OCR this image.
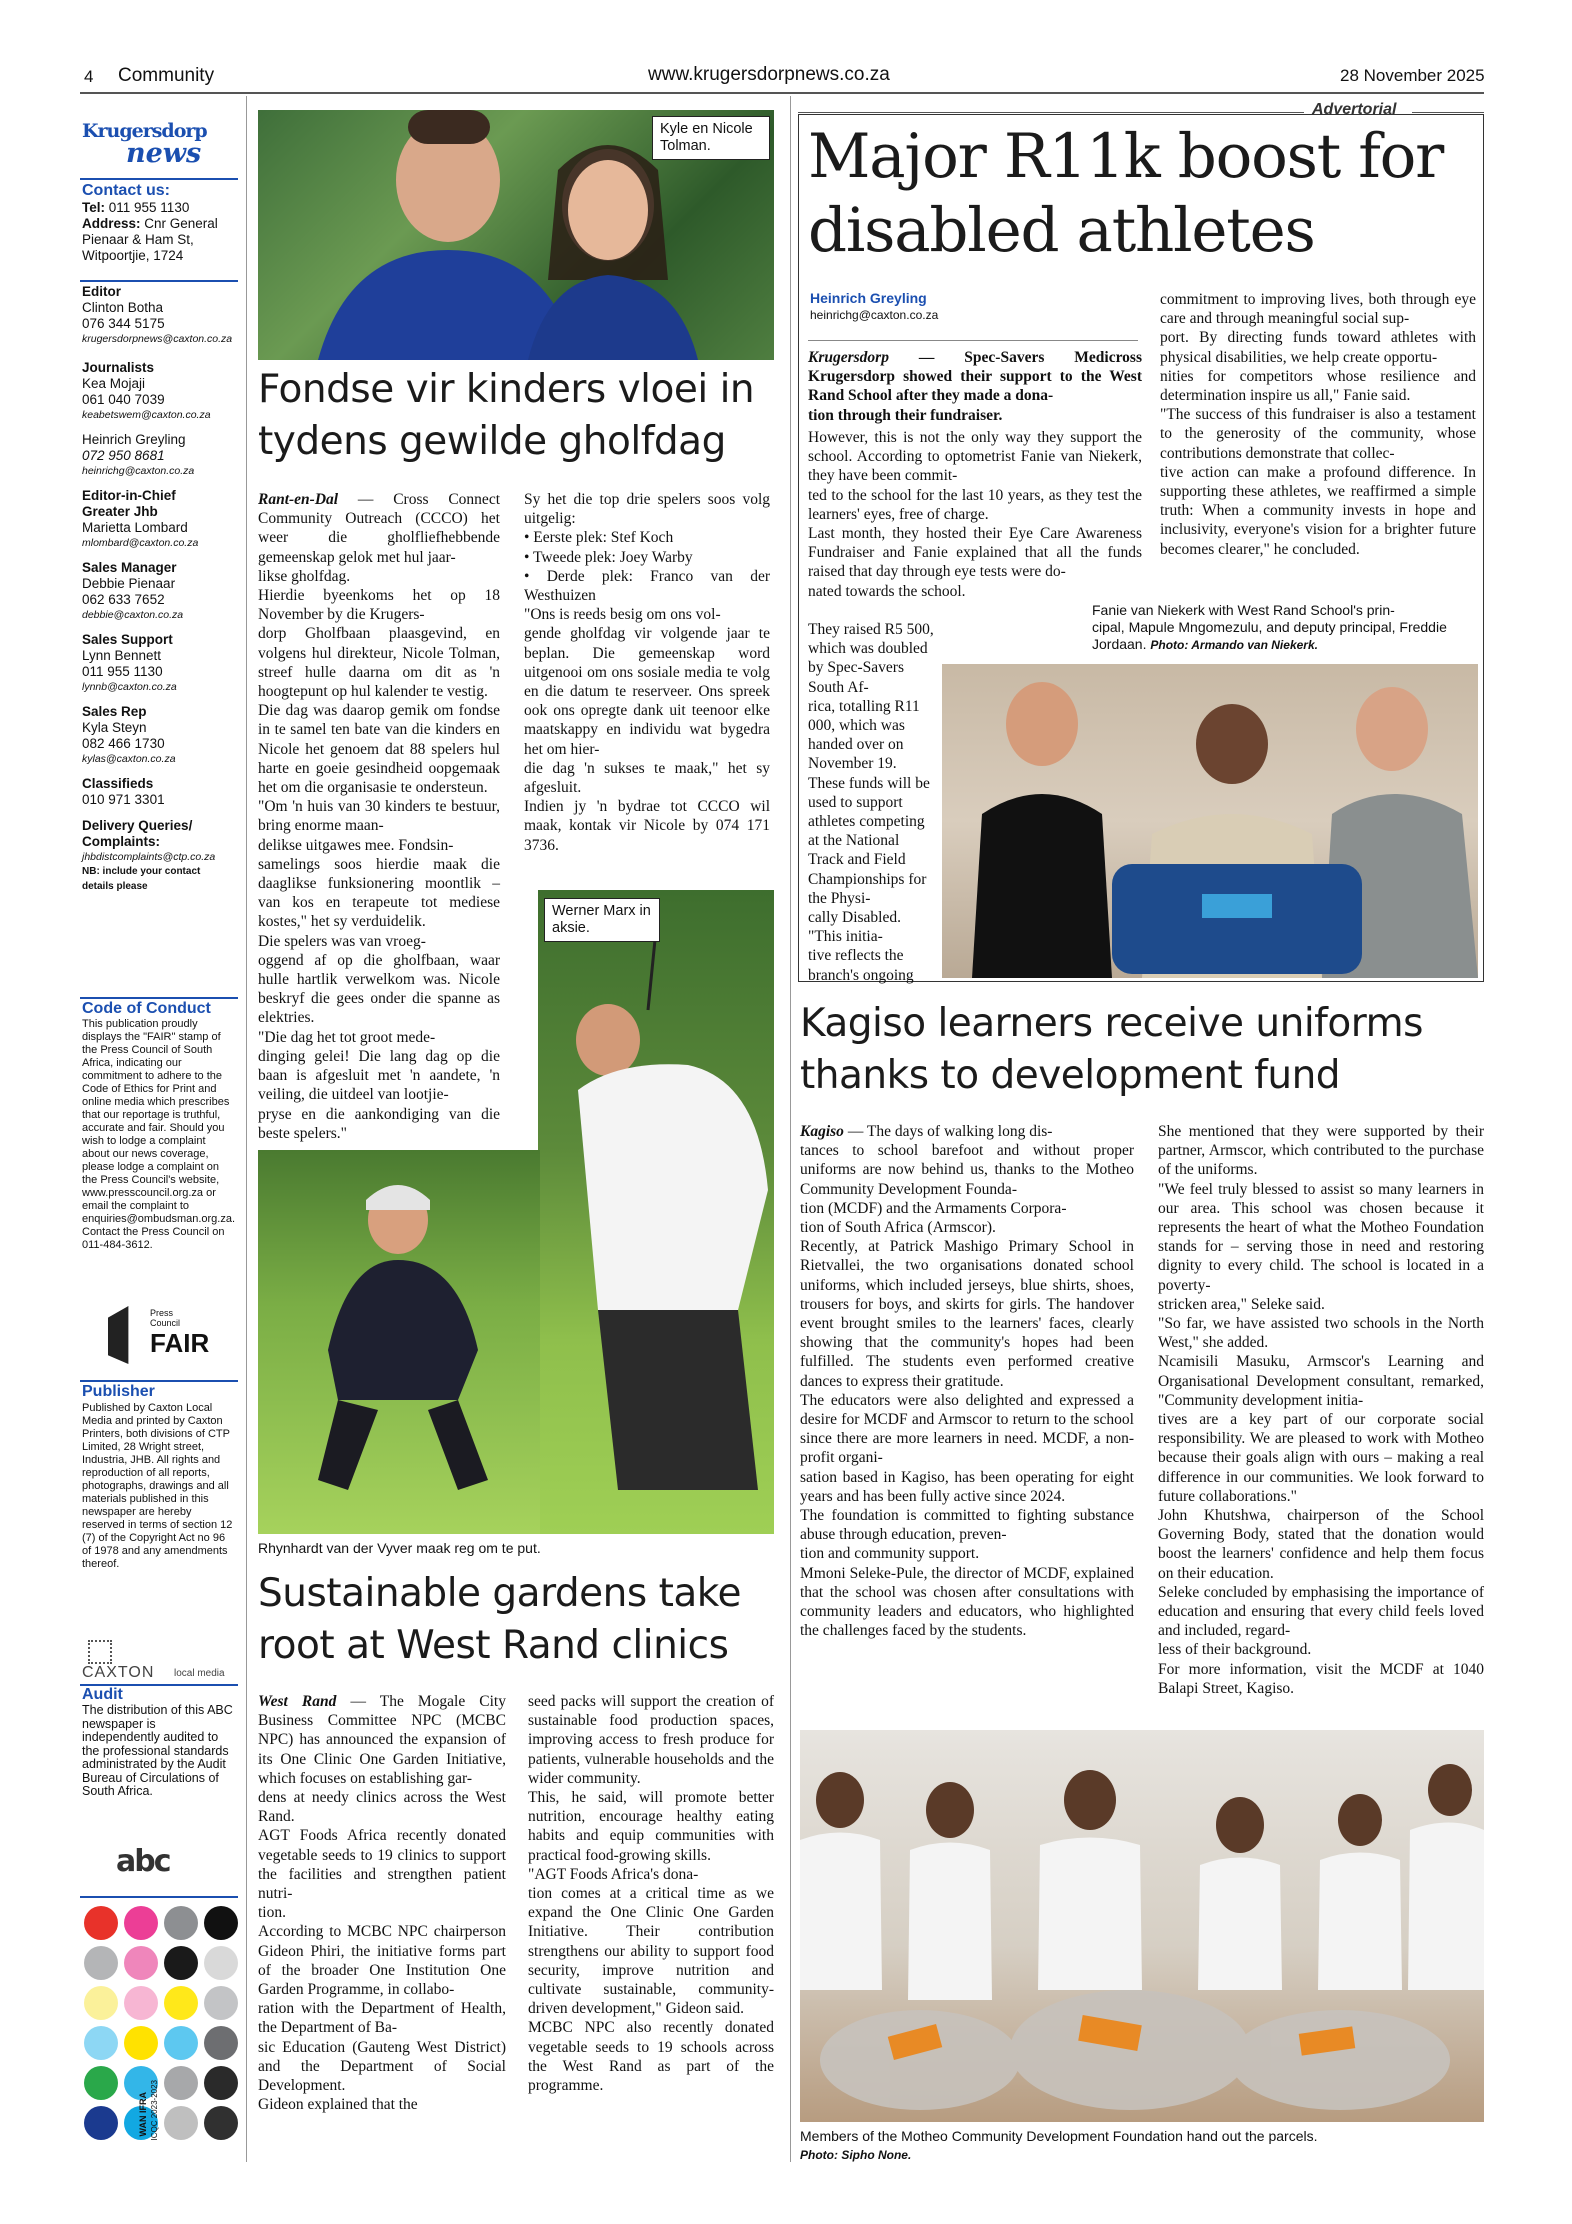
4 Community	www.krugersdorpnews.co.za	28 November 2025
Krugersdorp
news
Contact us:
Tel: 011 955 1130
Address: Cnr General Pienaar & Ham St, Witpoortjie, 1724
Editor
Clinton Botha
076 344 5175
krugersdorpnews@caxton.co.za
Journalists
Kea Mojaji
061 040 7039
keabetswem@caxton.co.za
Heinrich Greyling
072 950 8681
heinrichg@caxton.co.za
Editor-in-Chief Greater Jhb
Marietta Lombard
mlombard@caxton.co.za
Sales Manager
Debbie Pienaar
062 633 7652
debbie@caxton.co.za
Sales Support
Lynn Bennett
011 955 1130
lynnb@caxton.co.za
Sales Rep
Kyla Steyn
082 466 1730
kylas@caxton.co.za
Classifieds
010 971 3301
Delivery Queries/ Complaints:
jhbdistcomplaints@ctp.co.za
NB: include your contact details please
Code of Conduct
This publication proudly displays the "FAIR" stamp of the Press Council of South Africa, indicating our commitment to adhere to the Code of Ethics for Print and online media which prescribes that our reportage is truthful, accurate and fair. Should you wish to lodge a complaint about our news coverage, please lodge a complaint on the Press Council's website, www.presscouncil.org.za or email the complaint to enquiries@ombudsman.org.za. Contact the Press Council on 011-484-3612.
Press Council
FAIR
Publisher
Published by Caxton Local Media and printed by Caxton Printers, both divisions of CTP Limited, 28 Wright street, Industria, JHB. All rights and reproduction of all reports, photographs, drawings and all materials published in this newspaper are hereby reserved in terms of section 12 (7) of the Copyright Act no 96 of 1978 and any amendments thereof.
CAXTON local media
Audit
The distribution of this ABC newspaper is independently audited to the professional standards administrated by the Audit Bureau of Circulations of South Africa.
abc
WAN IFRA ICQC 2023-2023
Kyle en Nicole Tolman.
Fondse vir kinders vloei in tydens gewilde gholfdag
Rant-en-Dal — Cross Connect Community Outreach (CCCO) het weer die gholfliefhebbende gemeenskap gelok met hul jaar-
likse gholfdag.
Hierdie byeenkoms het op 18 November by die Krugers-
dorp Gholfbaan plaasgevind, en volgens hul direkteur, Nicole Tolman, streef hulle daarna om dit as 'n hoogtepunt op hul kalender te vestig.
Die dag was daarop gemik om fondse in te samel ten bate van die kinders en Nicole het genoem dat 88 spelers hul harte en goeie gesindheid oopgemaak het om die organisasie te ondersteun.
"Om 'n huis van 30 kinders te bestuur, bring enorme maan-
delikse uitgawes mee. Fondsin-
samelings soos hierdie maak die daaglikse funksionering moontlik – van kos en terapeute tot mediese kostes," het sy verduidelik.
Die spelers was van vroeg-
oggend af op die gholfbaan, waar hulle hartlik verwelkom was. Nicole beskryf die gees onder die spanne as elektries.
"Die dag het tot groot mede-
dinging gelei! Die lang dag op die baan is afgesluit met 'n aandete, 'n veiling, die uitdeel van lootjie-
pryse en die aankondiging van die beste spelers."
Sy het die top drie spelers soos volg uitgelig:
• Eerste plek: Stef Koch
• Tweede plek: Joey Warby
• Derde plek: Franco van der Westhuizen
"Ons is reeds besig om ons vol-
gende gholfdag vir volgende jaar te beplan. Die gemeenskap word uitgenooi om ons sosiale media te volg en die datum te reserveer. Ons spreek ook ons opregte dank uit teenoor elke maatskappy en individu wat bygedra het om hier-
die dag 'n sukses te maak," het sy afgesluit.
Indien jy 'n bydrae tot CCCO wil maak, kontak vir Nicole by 074 171 3736.
Werner Marx in aksie.
Rhynhardt van der Vyver maak reg om te put.
Sustainable gardens take root at West Rand clinics
West Rand — The Mogale City Business Committee NPC (MCBC NPC) has announced the expansion of its One Clinic One Garden Initiative, which focuses on establishing gar-
dens at needy clinics across the West Rand.
AGT Foods Africa recently donated vegetable seeds to 19 clinics to support the facilities and strengthen patient nutri-
tion.
According to MCBC NPC chairperson Gideon Phiri, the initiative forms part of the broader One Institution One Garden Programme, in collabo-
ration with the Department of Health, the Department of Ba-
sic Education (Gauteng West District) and the Department of Social Development.
Gideon explained that the
seed packs will support the creation of sustainable food production spaces, improving access to fresh produce for patients, vulnerable households and the wider community.
This, he said, will promote better nutrition, encourage healthy eating habits and equip communities with practical food-growing skills.
"AGT Foods Africa's dona-
tion comes at a critical time as we expand the One Clinic One Garden Initiative. Their contribution strengthens our ability to support food security, improve nutrition and cultivate sustainable, community-driven development," Gideon said.
MCBC NPC also recently donated vegetable seeds to 19 schools across the West Rand as part of the programme.
Advertorial
Major R11k boost for disabled athletes
Heinrich Greyling
heinrichg@caxton.co.za
Krugersdorp — Spec-Savers Medicross Krugersdorp showed their support to the West Rand School after they made a dona-
tion through their fundraiser.
However, this is not the only way they support the school. According to optometrist Fanie van Niekerk, they have been commit-
ted to the school for the last 10 years, as they test the learners' eyes, free of charge.
Last month, they hosted their Eye Care Awareness Fundraiser and Fanie explained that all the funds raised that day through eye tests were do-
nated towards the school.
They raised R5 500, which was doubled by Spec-Savers South Af-
rica, totalling R11 000, which was handed over on November 19.
These funds will be used to support athletes competing at the National Track and Field Championships for the Physi-
cally Disabled.
"This initia-
tive reflects the branch's ongoing
commitment to improving lives, both through eye care and through meaningful social sup-
port. By directing funds toward athletes with physical disabilities, we help create opportu-
nities for competitors whose resilience and determination inspire us all," Fanie said.
"The success of this fundraiser is also a testament to the generosity of the community, whose contributions demonstrate that collec-
tive action can make a profound difference. In supporting these athletes, we reaffirmed a simple truth: When a community invests in hope and inclusivity, everyone's vision for a brighter future becomes clearer," he concluded.
Fanie van Niekerk with West Rand School's prin-
cipal, Mapule Mngomezulu, and deputy principal, Freddie Jordaan. Photo: Armando van Niekerk.
Kagiso learners receive uniforms thanks to development fund
Kagiso — The days of walking long dis-
tances to school barefoot and without proper uniforms are now behind us, thanks to the Motheo Community Development Founda-
tion (MCDF) and the Armaments Corpora-
tion of South Africa (Armscor).
Recently, at Patrick Mashigo Primary School in Rietvallei, the two organisations donated school uniforms, which included jerseys, blue shirts, shoes, trousers for boys, and skirts for girls. The handover event brought smiles to the learners' faces, clearly showing that the community's hopes had been fulfilled. The students even performed creative dances to express their gratitude.
The educators were also delighted and expressed a desire for MCDF and Armscor to return to the school since there are more learners in need. MCDF, a non-profit organi-
sation based in Kagiso, has been operating for eight years and has been fully active since 2024.
The foundation is committed to fighting substance abuse through education, preven-
tion and community support.
Mmoni Seleke-Pule, the director of MCDF, explained that the school was chosen after consultations with community leaders and educators, who highlighted the challenges faced by the students.
She mentioned that they were supported by their partner, Armscor, which contributed to the purchase of the uniforms.
"We feel truly blessed to assist so many learners in our area. This school was chosen because it represents the heart of what the Motheo Foundation stands for – serving those in need and restoring dignity to every child. The school is located in a poverty-
stricken area," Seleke said.
"So far, we have assisted two schools in the North West," she added.
Ncamisili Masuku, Armscor's Learning and Organisational Development consultant, remarked, "Community development initia-
tives are a key part of our corporate social responsibility. We are pleased to work with Motheo because their goals align with ours – making a real difference in our communities. We look forward to future collaborations."
John Khutshwa, chairperson of the School Governing Body, stated that the donation would boost the learners' confidence and help them focus on their education.
Seleke concluded by emphasising the importance of education and ensuring that every child feels loved and included, regard-
less of their background.
For more information, visit the MCDF at 1040 Balapi Street, Kagiso.
Members of the Motheo Community Development Foundation hand out the parcels.
Photo: Sipho None.
